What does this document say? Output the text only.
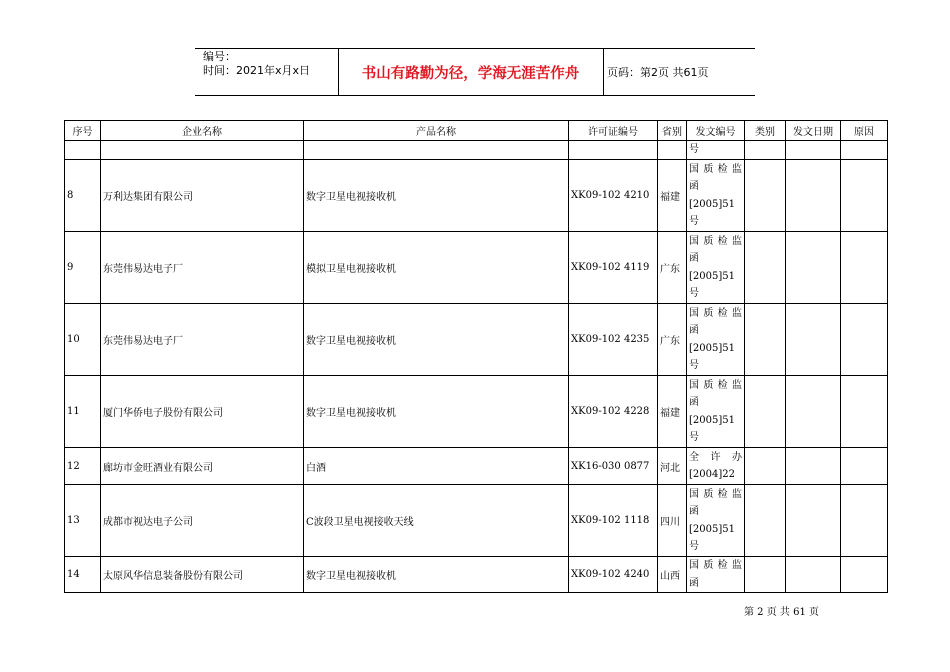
编号：
时间：2021年x月x日	书山有路勤为径，学海无涯苦作舟	页码：第2页 共61页
序号	企业名称	产品名称	许可证编号	省别	发文编号	类别	发文日期	原因

					号			

8	万利达集团有限公司	数字卫星电视接收机	XK09-102 4210	福建	国质检监
函
[2005]51
号			

9	东莞伟易达电子厂	模拟卫星电视接收机	XK09-102 4119	广东	国质检监
函
[2005]51
号			

10	东莞伟易达电子厂	数字卫星电视接收机	XK09-102 4235	广东	国质检监
函
[2005]51
号			

11	厦门华侨电子股份有限公司	数字卫星电视接收机	XK09-102 4228	福建	国质检监
函
[2005]51
号			

12	廊坊市金旺酒业有限公司	白酒	XK16-030 0877	河北	全许办
[2004]22			

13	成都市视达电子公司	C波段卫星电视接收天线	XK09-102 1118	四川	国质检监
函
[2005]51
号			

14	太原风华信息装备股份有限公司	数字卫星电视接收机	XK09-102 4240	山西	国质检监
函			

第 2 页 共 61 页
